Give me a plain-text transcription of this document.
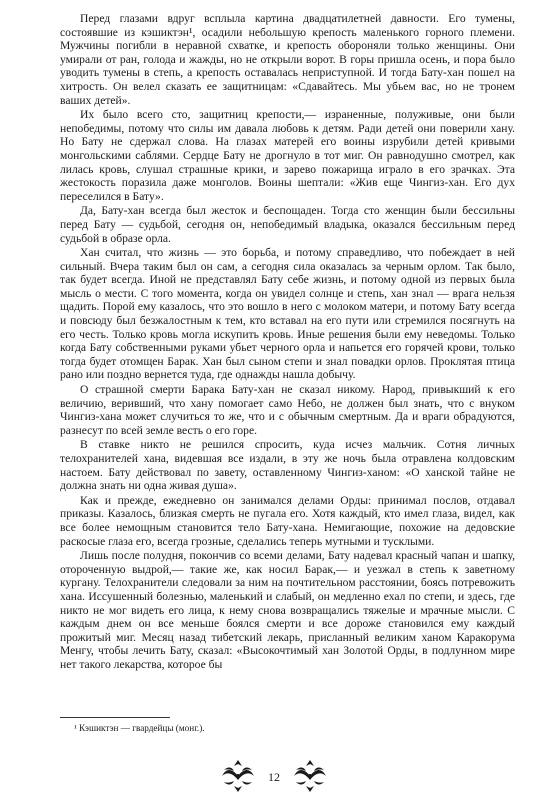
Перед глазами вдруг всплыла картина двадцатилетней давности. Его тумены, состоявшие из кэшиктэн¹, осадили небольшую крепость маленького горного племени. Мужчины погибли в неравной схватке, и крепость обороняли только женщины. Они умирали от ран, голода и жажды, но не открыли ворот. В горы пришла осень, и пора было уводить тумены в степь, а крепость оставалась неприступной. И тогда Бату-хан пошел на хитрость. Он велел сказать ее защитницам: «Сдавайтесь. Мы убьем вас, но не тронем ваших детей».

Их было всего сто, защитниц крепости,— израненные, полуживые, они были непобедимы, потому что силы им давала любовь к детям. Ради детей они поверили хану. Но Бату не сдержал слова. На глазах матерей его воины изрубили детей кривыми монгольскими саблями. Сердце Бату не дрогнуло в тот миг. Он равнодушно смотрел, как лилась кровь, слушал страшные крики, и зарево пожарища играло в его зрачках. Эта жестокость поразила даже монголов. Воины шептали: «Жив еще Чингиз-хан. Его дух переселился в Бату».

Да, Бату-хан всегда был жесток и беспощаден. Тогда сто женщин были бессильны перед Бату — судьбой, сегодня он, непобедимый владыка, оказался бессильным перед судьбой в образе орла.

Хан считал, что жизнь — это борьба, и потому справедливо, что побеждает в ней сильный. Вчера таким был он сам, а сегодня сила оказалась за черным орлом. Так было, так будет всегда. Иной не представлял Бату себе жизнь, и потому одной из первых была мысль о мести. С того момента, когда он увидел солнце и степь, хан знал — врага нельзя щадить. Порой ему казалось, что это вошло в него с молоком матери, и потому Бату всегда и повсюду был безжалостным к тем, кто вставал на его пути или стремился посягнуть на его честь. Только кровь могла искупить кровь. Иные решения были ему неведомы. Только когда Бату собственными руками убьет черного орла и напьется его горячей крови, только тогда будет отомщен Барак. Хан был сыном степи и знал повадки орлов. Проклятая птица рано или поздно вернется туда, где однажды нашла добычу.

О страшной смерти Барака Бату-хан не сказал никому. Народ, привыкший к его величию, веривший, что хану помогает само Небо, не должен был знать, что с внуком Чингиз-хана может случиться то же, что и с обычным смертным. Да и враги обрадуются, разнесут по всей земле весть о его горе.

В ставке никто не решился спросить, куда исчез мальчик. Сотня личных телохранителей хана, видевшая все издали, в эту же ночь была отравлена колдовским настоем. Бату действовал по завету, оставленному Чингиз-ханом: «О ханской тайне не должна знать ни одна живая душа».

Как и прежде, ежедневно он занимался делами Орды: принимал послов, отдавал приказы. Казалось, близкая смерть не пугала его. Хотя каждый, кто имел глаза, видел, как все более немощным становится тело Бату-хана. Немигающие, похожие на дедовские раскосые глаза его, всегда грозные, сделались теперь мутными и тусклыми.

Лишь после полудня, покончив со всеми делами, Бату надевал красный чапан и шапку, отороченную выдрой,— такие же, как носил Барак,— и уезжал в степь к заветному кургану. Телохранители следовали за ним на почтительном расстоянии, боясь потревожить хана. Иссушенный болезнью, маленький и слабый, он медленно ехал по степи, и здесь, где никто не мог видеть его лица, к нему снова возвращались тяжелые и мрачные мысли. С каждым днем он все меньше боялся смерти и все дороже становился ему каждый прожитый миг. Месяц назад тибетский лекарь, присланный великим ханом Каракорума Менгу, чтобы лечить Бату, сказал: «Высокочтимый хан Золотой Орды, в подлунном мире нет такого лекарства, которое бы

¹ Кэшиктэн — гвардейцы (монг.).
12
